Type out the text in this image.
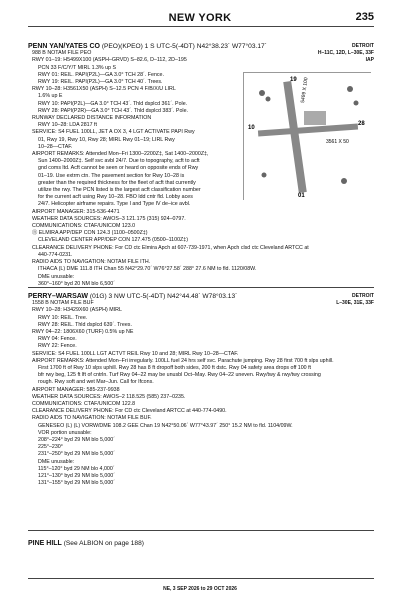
NEW YORK	235

PENN YAN/YATES CO (PEO)(KPEO) 1 S UTC-5(-4DT) N42°38.23´ W77°03.17´	DETROIT
H–11C, 12D, L–30E, 33F
IAP

988 B NOTAM FILE PEO

RWY 01–19: H5499X100 (ASPH–GRVD) S–82.6, D–112, 2D–195

PCN 33 F/C/Y/T MIRL 1.3% up S

RWY 01: REIL. PAPI(P2L)—GA 3.0° TCH 28´. Fence.

RWY 19: REIL. PAPI(P2L)—GA 3.0° TCH 40´. Trees.

RWY 10–28: H3561X50 (ASPH) S–12.5 PCN 4 F/B/X/U LIRL

1.6% up E

RWY 10: PAPI(P2L)—GA 3.0° TCH 43´. Thld dsplcd 361´. Pole.

RWY 28: PAPI(P2R)—GA 3.0° TCH 43´. Thld dsplcd 383´. Pole.

RUNWAY DECLARED DISTANCE INFORMATION

RWY 10–28: LDA 2817 ft

SERVICE: S4 FUEL 100LL, JET A OX 3, 4 LGT ACTIVATE PAPI Rwy

01, Rwy 19, Rwy 10, Rwy 28; MIRL Rwy 01–19; LIRL Rwy

10–28—CTAF.

AIRPORT REMARKS: Attended Mon–Fri 1300–2200Z‡, Sat 1400–2000Z‡,

Sun 1400–2000Z‡. Self svc avbl 24/7. Due to topography, acft to acft

gnd coms ltd. Acft cannot be seen or heard on opposite ends of Rwy

01–19. Use extrm ctn. The pavement section for Rwy 10–28 is

greater than the required thickness for the fleet of acft that currently

utilize the rwy. The PCN listed is the largest acft classification number

for the current acft using Rwy 10–28. FBO ldd cntr fld. Lobby aces

24/7. Helicopter airframe repairs. Type I and Type IV de–ice avbl.

AIRPORT MANAGER: 315-536-4471

WEATHER DATA SOURCES: AWOS–3 121.175 (315) 924–0797.

COMMUNICATIONS: CTAF/UNICOM 123.0

Ⓡ ELMIRA APP/DEP CON 124.3 (1100–0500Z‡)

CLEVELAND CENTER APP/DEP CON 127.475 (0500–1100Z‡)

CLEARANCE DELIVERY PHONE: For CD ctc Elmira Apch at 607-739-1971, when Apch clsd ctc Cleveland ARTCC at

440-774-0231.

RADIO AIDS TO NAVIGATION: NOTAM FILE ITH.

ITHACA (L) DME 111.8 ITH Chan 55 N42°29.70´ W76°27.58´ 288° 27.6 NM to fld. 1120/08W.

DME unusable:

360°–160° byd 20 NM blo 6,500´

5499 X 100
3561 X 50
19
01
10
28

PERRY–WARSAW (01G) 3 NW UTC-5(-4DT) N42°44.48´ W78°03.13´	DETROIT
L–30E, 31E, 33F

1558 B NOTAM FILE BUF

RWY 10–28: H3429X60 (ASPH) MIRL

RWY 10: REIL. Tree.

RWY 28: REIL. Thld dsplcd 639´. Trees.

RWY 04–22: 1806X60 (TURF) 0.5% up NE

RWY 04: Fence.

RWY 22: Fence.

SERVICE: S4 FUEL 100LL LGT ACTVT REIL Rwy 10 and 28; MIRL Rwy 10–28—CTAF.

AIRPORT REMARKS: Attended Mon–Fri irregularly. 100LL fuel 24 hrs self svc. Parachute jumping. Rwy 28 first 700 ft slps uphill.

First 1700 ft of Rwy 10 slps uphill. Rwy 28 has 8 ft dropoff both sides, 200 ft dstc. Rwy 04 safety area drops off 100 ft

bfr rwy beg, 125 ft lft of cntrln. Turf Rwy 04–22 may be unusbl Oct–May. Rwy 04–22 uneven. Rwy/twy & rwy/twy crossing

rough. Rwy soft and wet Mar–Jun. Call for Ifcons.

AIRPORT MANAGER: 585-237-9938

WEATHER DATA SOURCES: AWOS–2 118.525 (585) 237–0235.

COMMUNICATIONS: CTAF/UNICOM 122.8

CLEARANCE DELIVERY PHONE: For CD ctc Cleveland ARTCC at 440-774-0490.

RADIO AIDS TO NAVIGATION: NOTAM FILE BUF.

GENESEO (L) (L) VORW/DME 108.2 GEE Chan 19 N42°50.06´ W77°43.97´ 250° 15.2 NM to fld. 1104/09W.

VOR portion unusable:

208°–224° byd 29 NM blo 5,000´

225°–230°

231°–250° byd 29 NM blo 5,000´

DME unusable:

115°–120° byd 29 NM blo 4,000´

121°–130° byd 29 NM blo 5,000´

131°–155° byd 29 NM blo 5,000´

PINE HILL (See ALBION on page 188)

NE, 3 SEP 2026 to 29 OCT 2026
